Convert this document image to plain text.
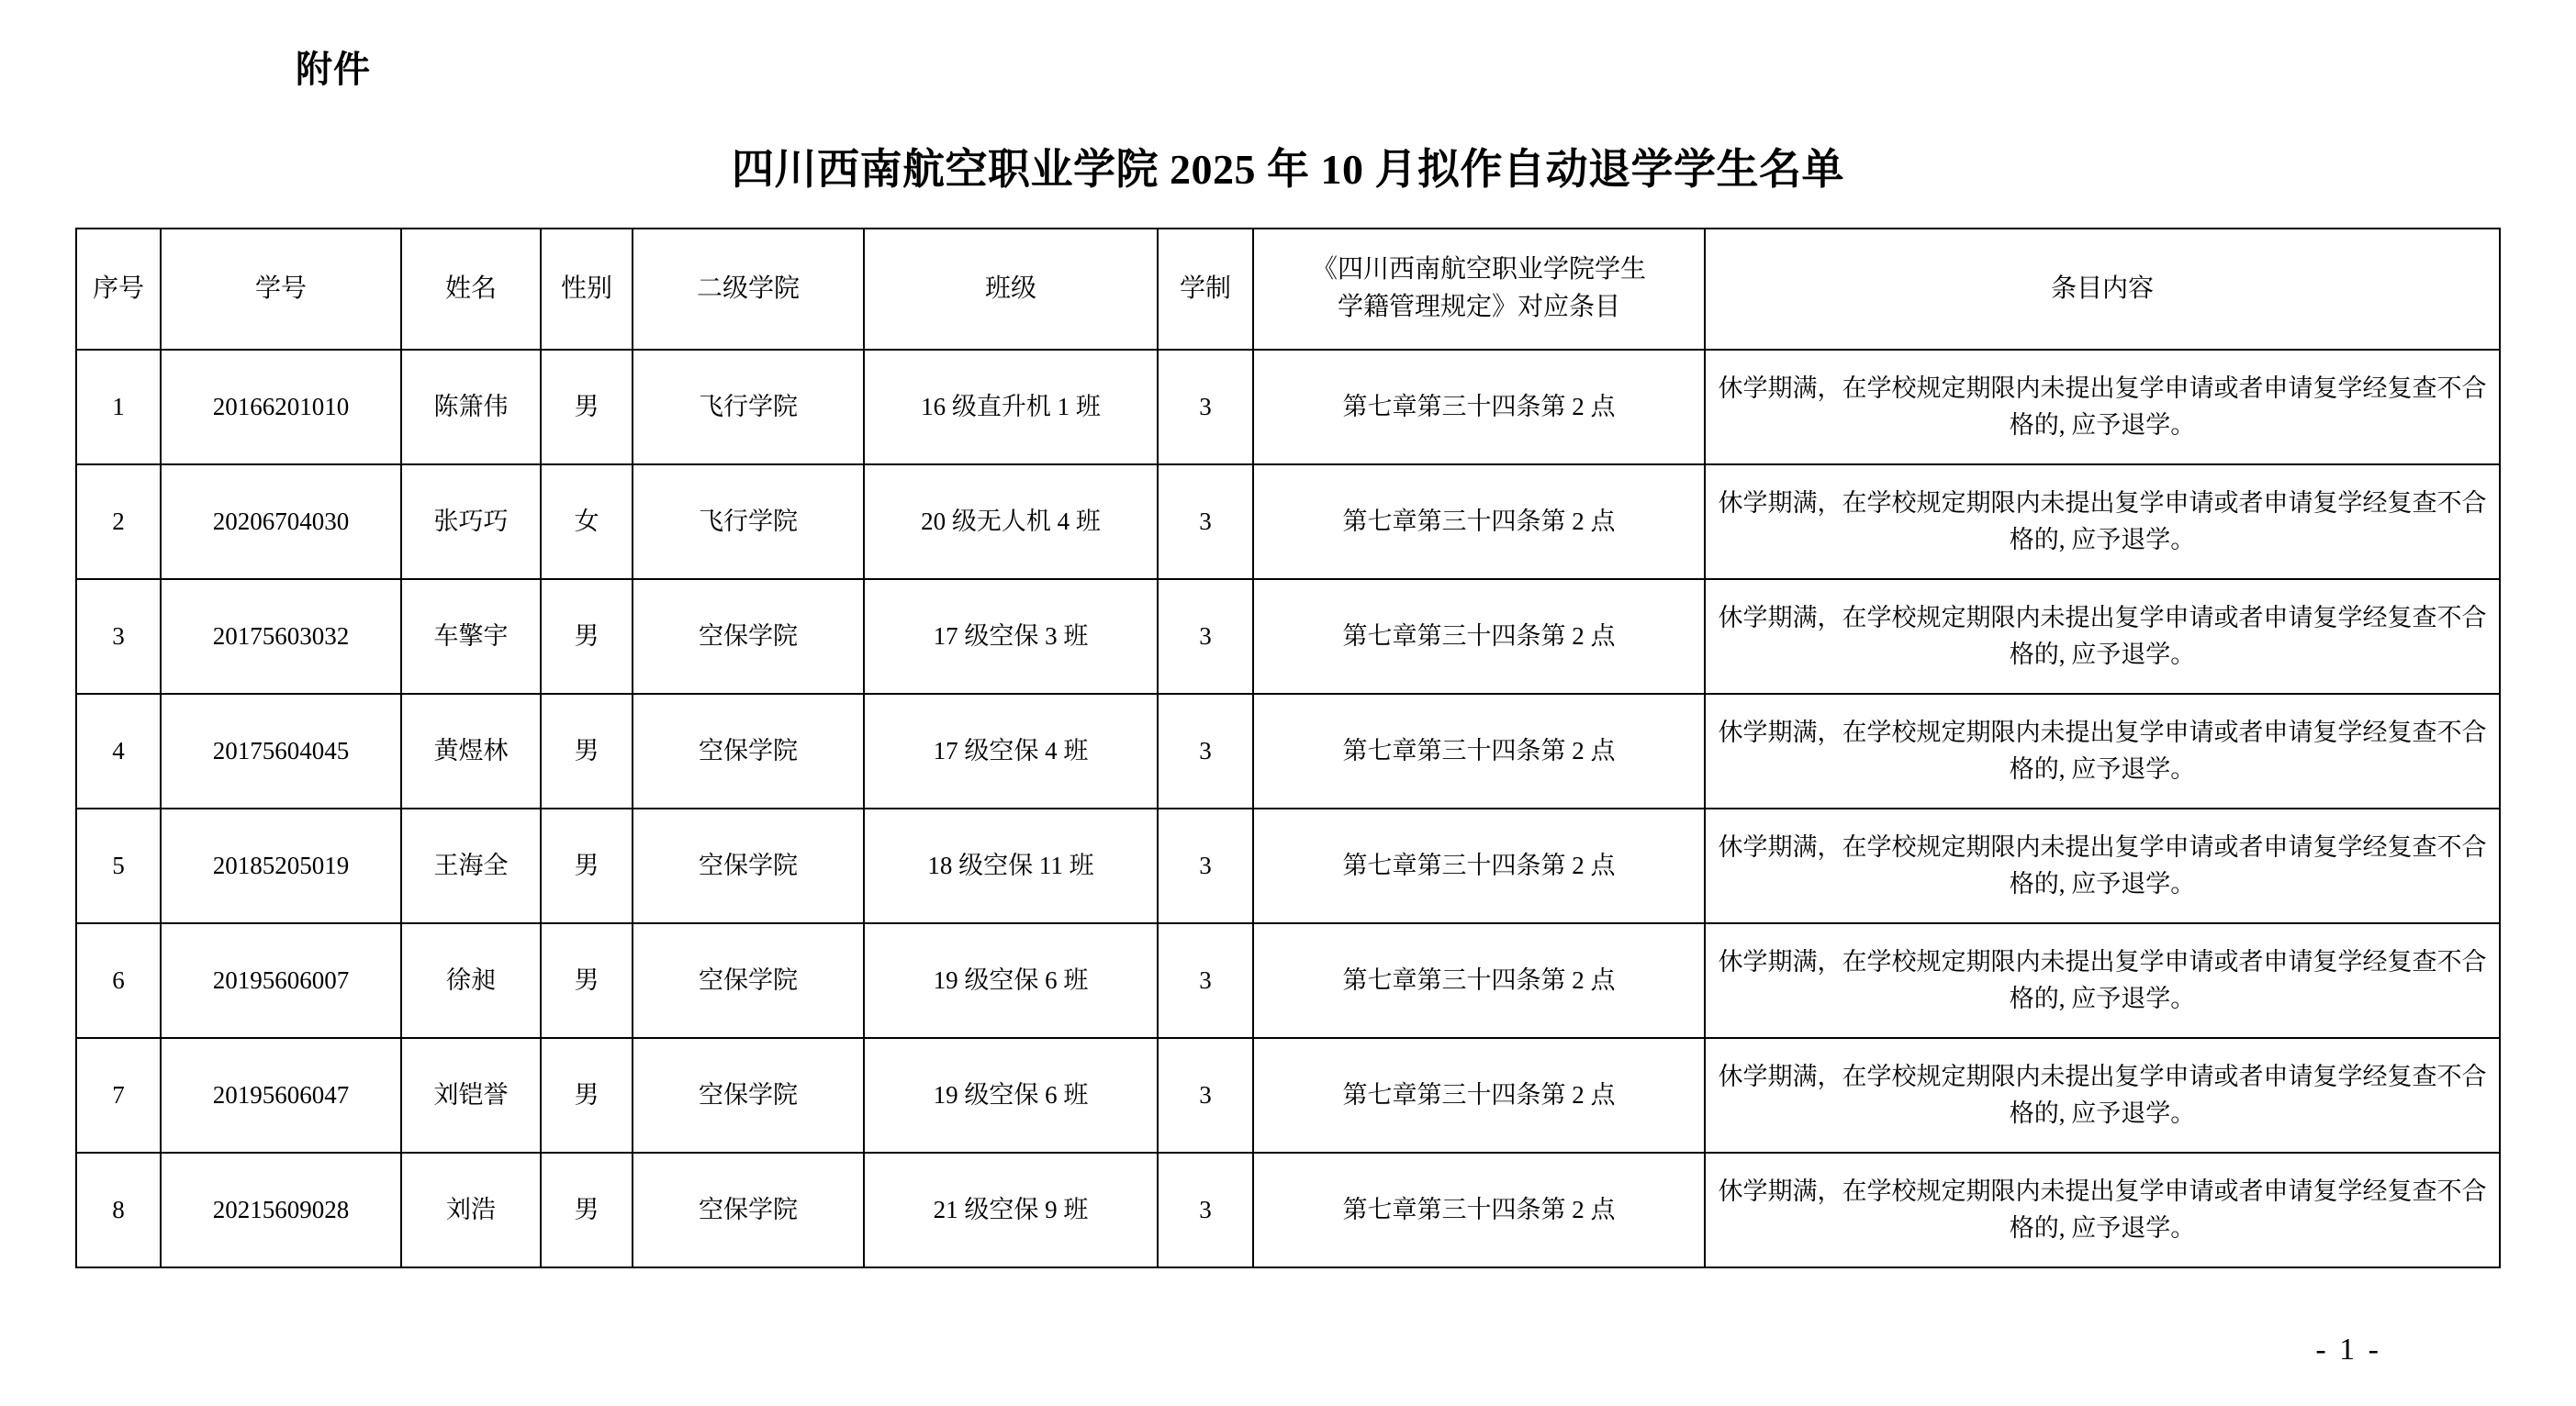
附件
四川西南航空职业学院 2025 年 10 月拟作自动退学学生名单
序号	学号	姓名	性别	二级学院	班级	学制	《四川西南航空职业学院学生
学籍管理规定》对应条目	条目内容
1	20166201010	陈箫伟	男	飞行学院	16 级直升机 1 班	3	第七章第三十四条第 2 点	休学期满，在学校规定期限内未提出复学申请或者申请复学经复查不合格的, 应予退学。
2	20206704030	张巧巧	女	飞行学院	20 级无人机 4 班	3	第七章第三十四条第 2 点	休学期满，在学校规定期限内未提出复学申请或者申请复学经复查不合格的, 应予退学。
3	20175603032	车擎宇	男	空保学院	17 级空保 3 班	3	第七章第三十四条第 2 点	休学期满，在学校规定期限内未提出复学申请或者申请复学经复查不合格的, 应予退学。
4	20175604045	黄煜林	男	空保学院	17 级空保 4 班	3	第七章第三十四条第 2 点	休学期满，在学校规定期限内未提出复学申请或者申请复学经复查不合格的, 应予退学。
5	20185205019	王海全	男	空保学院	18 级空保 11 班	3	第七章第三十四条第 2 点	休学期满，在学校规定期限内未提出复学申请或者申请复学经复查不合格的, 应予退学。
6	20195606007	徐昶	男	空保学院	19 级空保 6 班	3	第七章第三十四条第 2 点	休学期满，在学校规定期限内未提出复学申请或者申请复学经复查不合格的, 应予退学。
7	20195606047	刘铠誉	男	空保学院	19 级空保 6 班	3	第七章第三十四条第 2 点	休学期满，在学校规定期限内未提出复学申请或者申请复学经复查不合格的, 应予退学。
8	20215609028	刘浩	男	空保学院	21 级空保 9 班	3	第七章第三十四条第 2 点	休学期满，在学校规定期限内未提出复学申请或者申请复学经复查不合格的, 应予退学。
- 1 -
